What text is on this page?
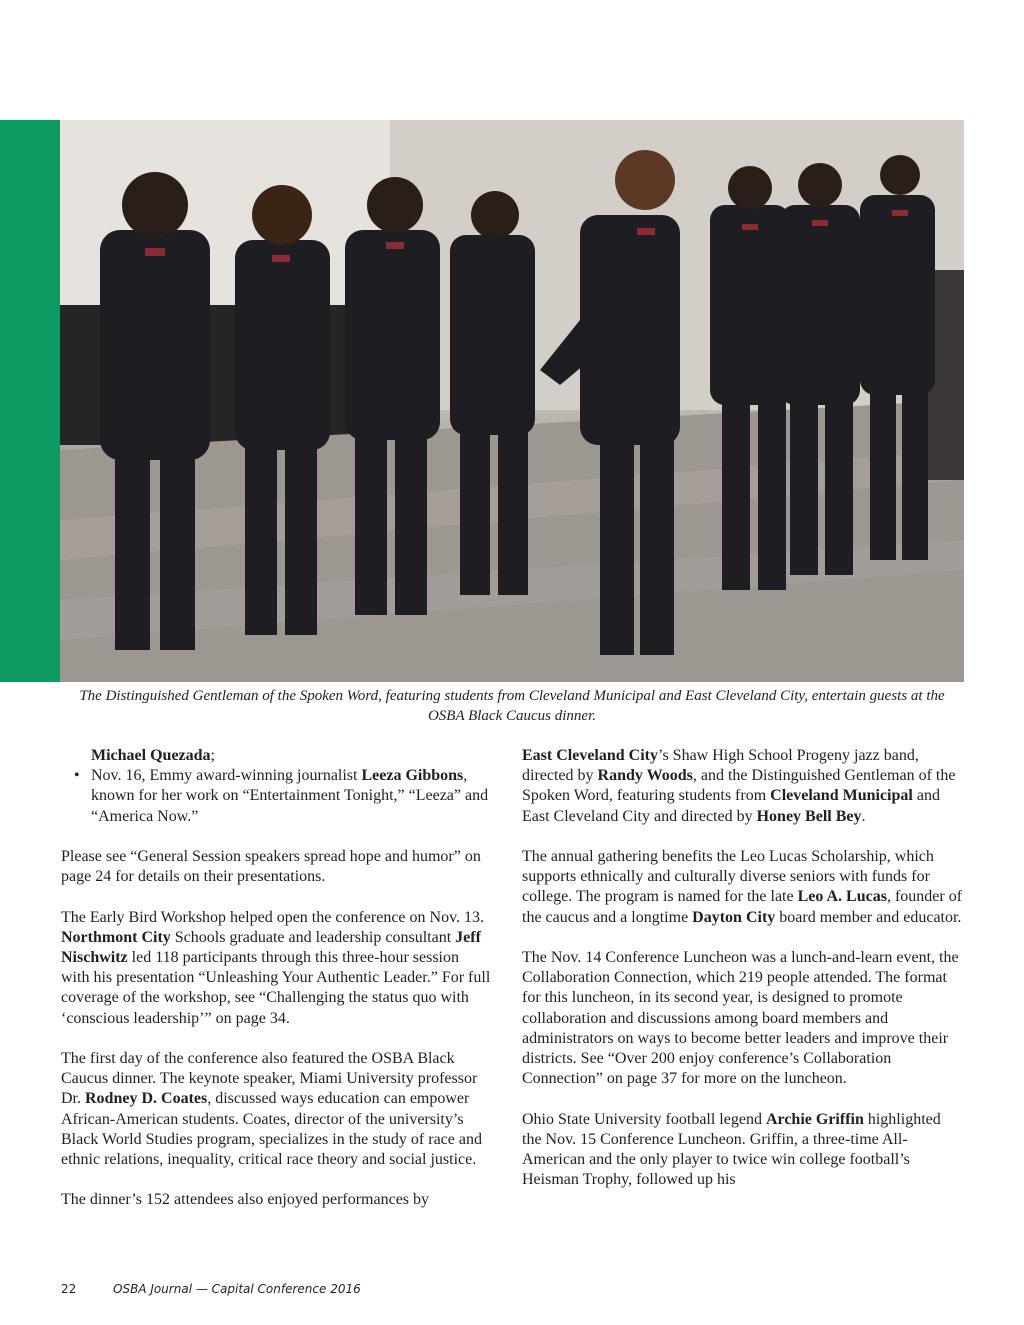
The Distinguished Gentleman of the Spoken Word, featuring students from Cleveland Municipal and East Cleveland City, entertain guests at the OSBA Black Caucus dinner.

Michael Quezada;

• Nov. 16, Emmy award-winning journalist Leeza Gibbons, known for her work on “Entertainment Tonight,” “Leeza” and “America Now.”

Please see “General Session speakers spread hope and humor” on page 24 for details on their presentations.

The Early Bird Workshop helped open the conference on Nov. 13. Northmont City Schools graduate and leadership consultant Jeff Nischwitz led 118 participants through this three-hour session with his presentation “Unleashing Your Authentic Leader.” For full coverage of the workshop, see “Challenging the status quo with ‘conscious leadership’” on page 34.

The first day of the conference also featured the OSBA Black Caucus dinner. The keynote speaker, Miami University professor Dr. Rodney D. Coates, discussed ways education can empower African-American students. Coates, director of the university’s Black World Studies program, specializes in the study of race and ethnic relations, inequality, critical race theory and social justice.

The dinner’s 152 attendees also enjoyed performances by

East Cleveland City’s Shaw High School Progeny jazz band, directed by Randy Woods, and the Distinguished Gentleman of the Spoken Word, featuring students from Cleveland Municipal and East Cleveland City and directed by Honey Bell Bey.

The annual gathering benefits the Leo Lucas Scholarship, which supports ethnically and culturally diverse seniors with funds for college. The program is named for the late Leo A. Lucas, founder of the caucus and a longtime Dayton City board member and educator.

The Nov. 14 Conference Luncheon was a lunch-and-learn event, the Collaboration Connection, which 219 people attended. The format for this luncheon, in its second year, is designed to promote collaboration and discussions among board members and administrators on ways to become better leaders and improve their districts. See “Over 200 enjoy conference’s Collaboration Connection” on page 37 for more on the luncheon.

Ohio State University football legend Archie Griffin highlighted the Nov. 15 Conference Luncheon. Griffin, a three-time All-American and the only player to twice win college football’s Heisman Trophy, followed up his

22	OSBA Journal — Capital Conference 2016
